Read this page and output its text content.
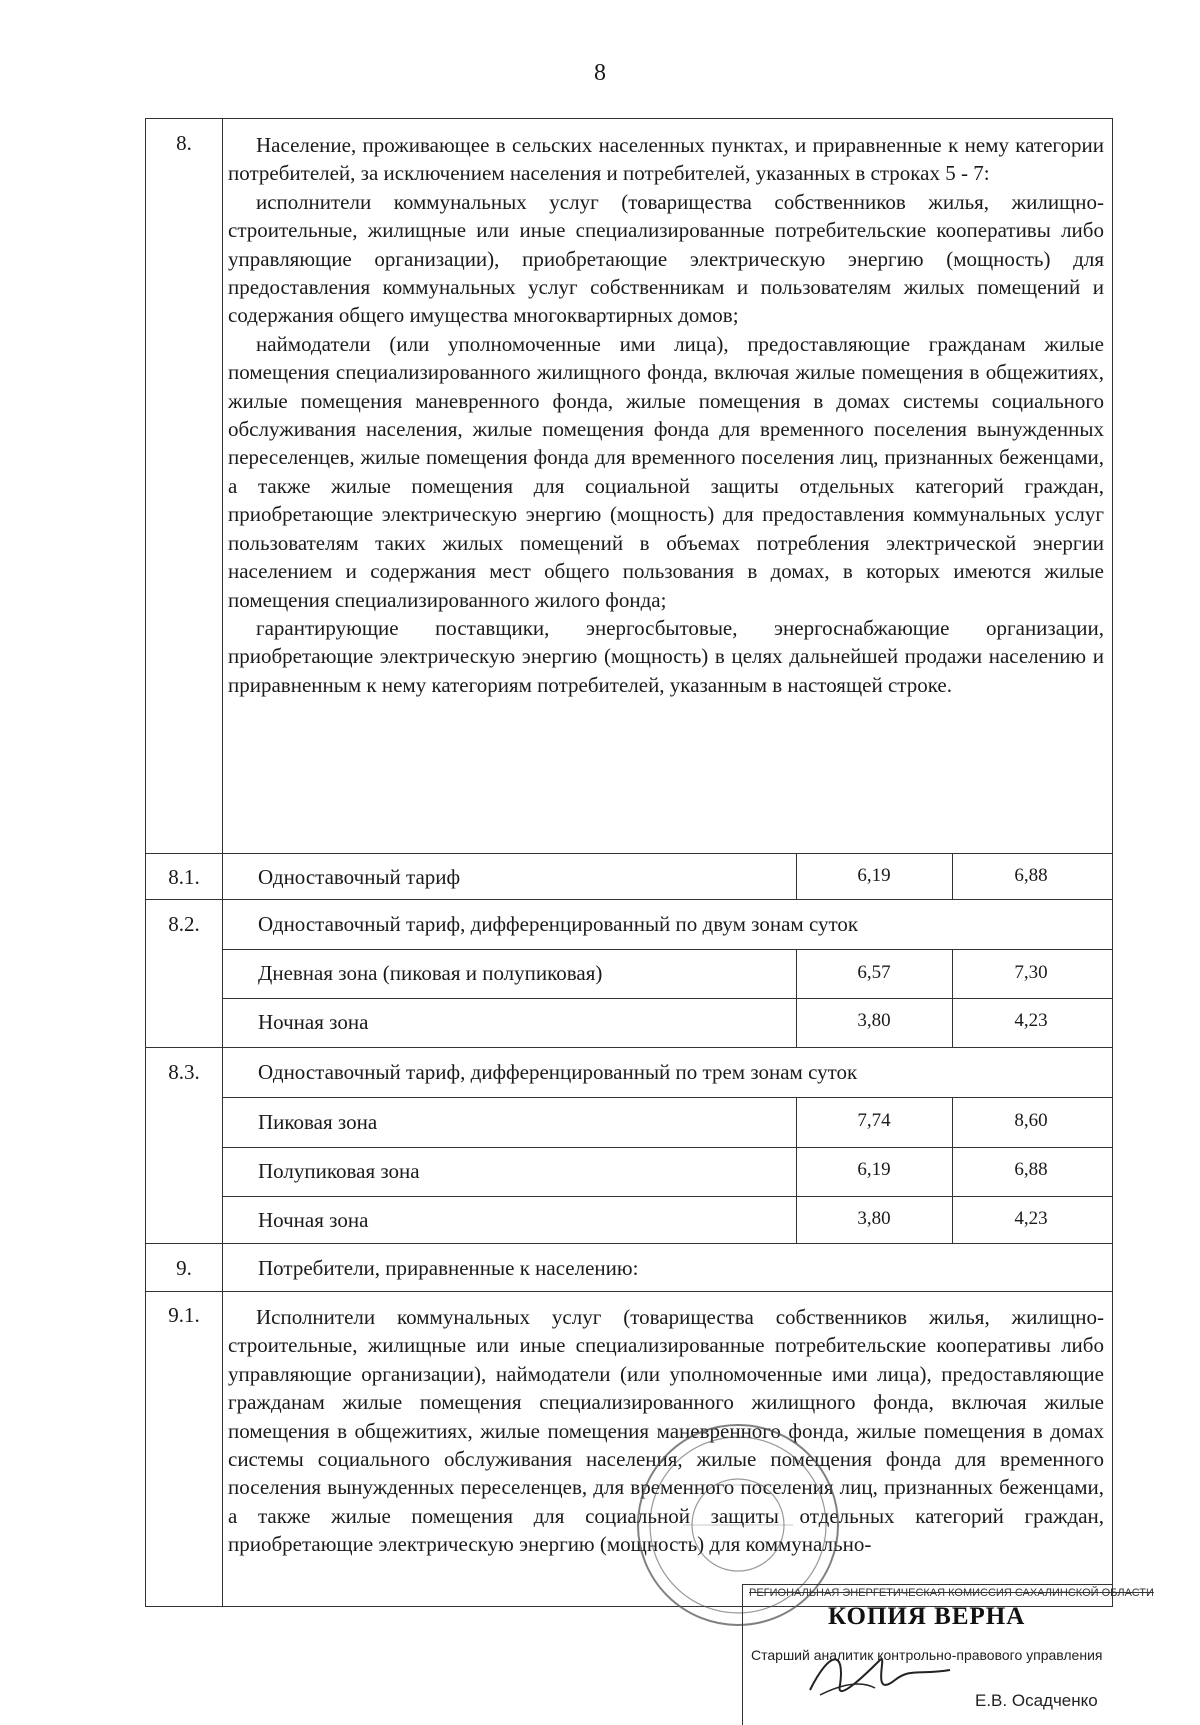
8
8.	Население, проживающее в сельских населенных пунктах, и приравненные к нему категории потребителей, за исключением населения и потребителей, указанных в строках 5 - 7:

исполнители коммунальных услуг (товарищества собственников жилья, жилищно-строительные, жилищные или иные специализированные потребительские кооперативы либо управляющие организации), приобретающие электрическую энергию (мощность) для предоставления коммунальных услуг собственникам и пользователям жилых помещений и содержания общего имущества многоквартирных домов;

наймодатели (или уполномоченные ими лица), предоставляющие гражданам жилые помещения специализированного жилищного фонда, включая жилые помещения в общежитиях, жилые помещения маневренного фонда, жилые помещения в домах системы социального обслуживания населения, жилые помещения фонда для временного поселения вынужденных переселенцев, жилые помещения фонда для временного поселения лиц, признанных беженцами, а также жилые помещения для социальной защиты отдельных категорий граждан, приобретающие электрическую энергию (мощность) для предоставления коммунальных услуг пользователям таких жилых помещений в объемах потребления электрической энергии населением и содержания мест общего пользования в домах, в которых имеются жилые помещения специализированного жилого фонда;

гарантирующие поставщики, энергосбытовые, энергоснабжающие организации, приобретающие электрическую энергию (мощность) в целях дальнейшей продажи населению и приравненным к нему категориям потребителей, указанным в настоящей строке.

8.1.	Одноставочный тариф	6,19	6,88
8.2.	Одноставочный тариф, дифференцированный по двум зонам суток
Дневная зона (пиковая и полупиковая)	6,57	7,30
Ночная зона	3,80	4,23
8.3.	Одноставочный тариф, дифференцированный по трем зонам суток
Пиковая зона	7,74	8,60
Полупиковая зона	6,19	6,88
Ночная зона	3,80	4,23
9.	Потребители, приравненные к населению:
9.1.	Исполнители коммунальных услуг (товарищества собственников жилья, жилищно-строительные, жилищные или иные специализированные потребительские кооперативы либо управляющие организации), наймодатели (или уполномоченные ими лица), предоставляющие гражданам жилые помещения специализированного жилищного фонда, включая жилые помещения в общежитиях, жилые помещения маневренного фонда, жилые помещения в домах системы социального обслуживания населения, жилые помещения фонда для временного поселения вынужденных переселенцев, для временного поселения лиц, признанных беженцами, а также жилые помещения для социальной защиты отдельных категорий граждан, приобретающие электрическую энергию (мощность) для коммунально-

РЕГИОНАЛЬНАЯ ЭНЕРГЕТИЧЕСКАЯ КОМИССИЯ САХАЛИНСКОЙ ОБЛАСТИ
КОПИЯ ВЕРНА
Старший аналитик контрольно-правового управления
Е.В. Осадченко
